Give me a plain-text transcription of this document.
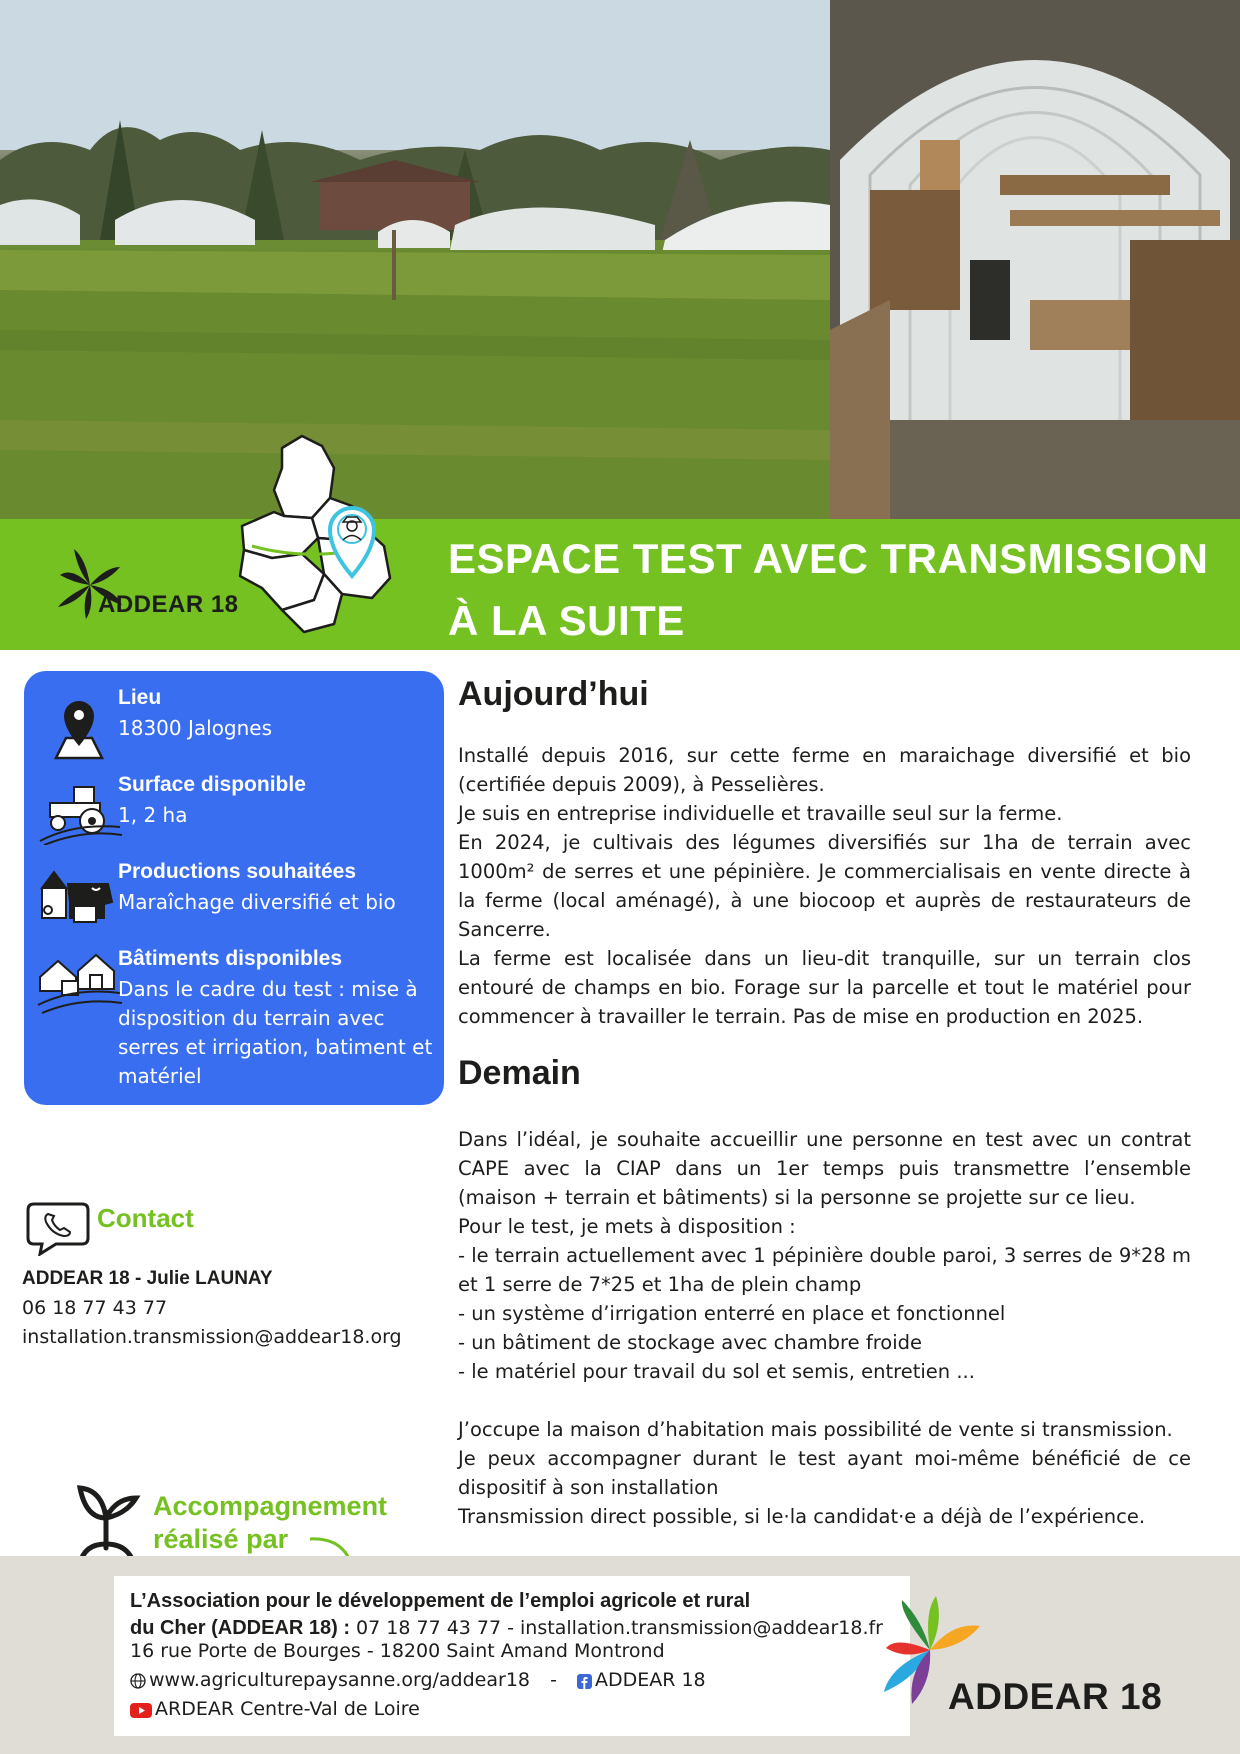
ADDEAR 18
ESPACE TEST AVEC TRANSMISSION
À LA SUITE
Lieu
18300 Jalognes
Surface disponible
1, 2 ha
Productions souhaitées
Maraîchage diversifié et bio
Bâtiments disponibles
Dans le cadre du test : mise à disposition du terrain avec serres et irrigation, batiment et matériel
Contact
ADDEAR 18 - Julie LAUNAY
06 18 77 43 77
installation.transmission@addear18.org
Accompagnement
réalisé par
Aujourd’hui

Installé depuis 2016, sur cette ferme en maraichage diversifié et bio (certifiée depuis 2009), à Pesselières.

Je suis en entreprise individuelle et travaille seul sur la ferme.

En 2024, je cultivais des légumes diversifiés sur 1ha de terrain avec 1000m² de serres et une pépinière. Je commercialisais en vente directe à la ferme (local aménagé), à une biocoop et auprès de restaurateurs de Sancerre.

La ferme est localisée dans un lieu-dit tranquille, sur un terrain clos entouré de champs en bio. Forage sur la parcelle et tout le matériel pour commencer à travailler le terrain. Pas de mise en production en 2025.

Demain

Dans l’idéal, je souhaite accueillir une personne en test avec un contrat CAPE avec la CIAP dans un 1er temps puis transmettre l’ensemble (maison + terrain et bâtiments) si la personne se projette sur ce lieu.

Pour le test, je mets à disposition :

- le terrain actuellement avec 1 pépinière double paroi, 3 serres de 9*28 m et 1 serre de 7*25 et 1ha de plein champ

- un système d’irrigation enterré en place et fonctionnel

- un bâtiment de stockage avec chambre froide

- le matériel pour travail du sol et semis, entretien ...

J’occupe la maison d’habitation mais possibilité de vente si transmission.

Je peux accompagner durant le test ayant moi-même bénéficié de ce dispositif à son installation

Transmission direct possible, si le·la candidat·e a déjà de l’expérience.

L’Association pour le développement de l’emploi agricole et rural
du Cher (ADDEAR 18) : 07 18 77 43 77 - installation.transmission@addear18.fr
16 rue Porte de Bourges - 18200 Saint Amand Montrond
www.agriculturepaysanne.org/addear18 - ADDEAR 18
ARDEAR Centre-Val de Loire	ADDEAR 18
